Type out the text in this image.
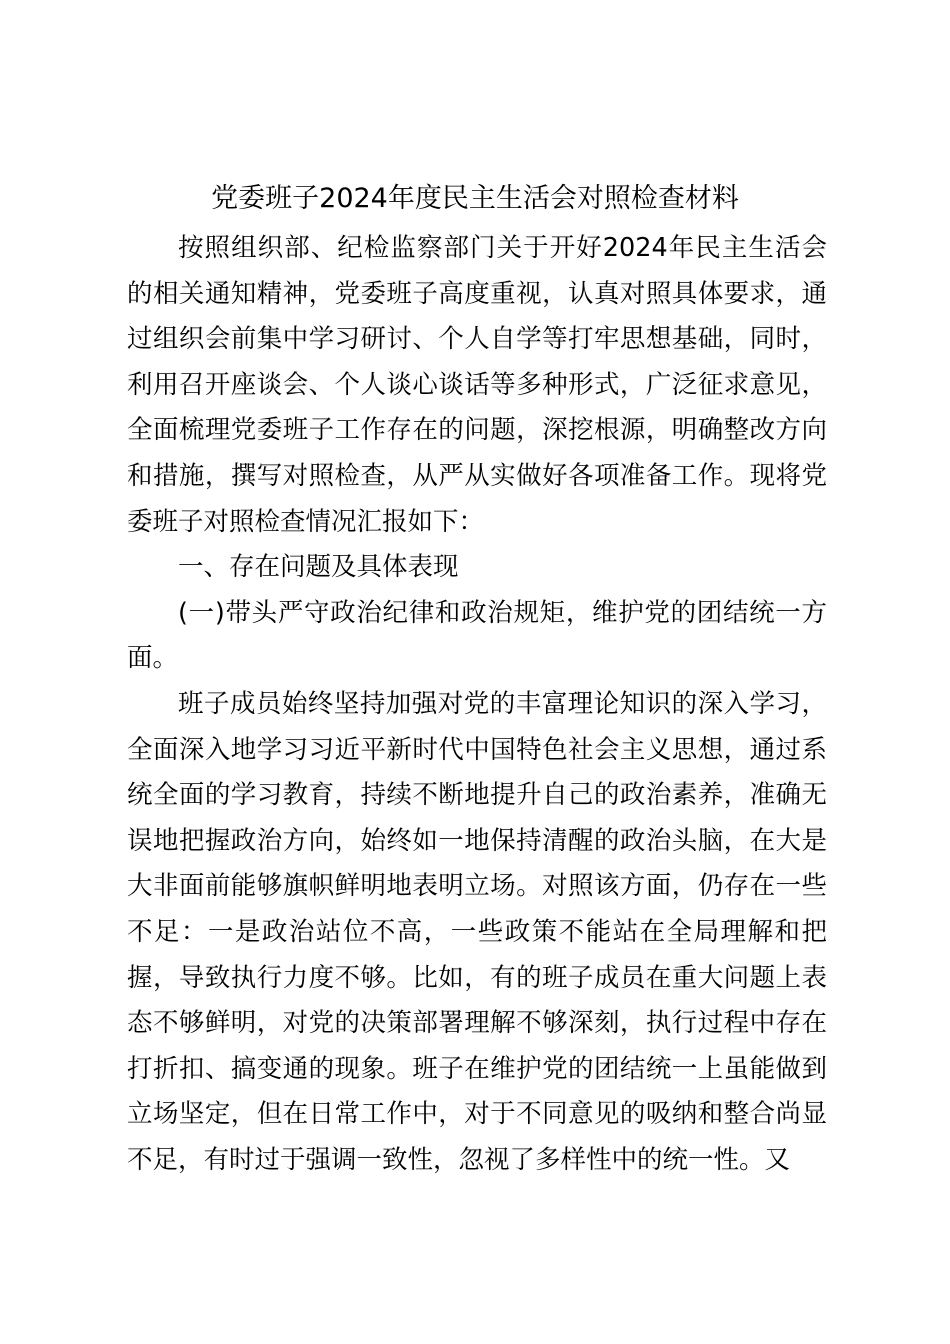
党委班子2024年度民主生活会对照检查材料

按照组织部、纪检监察部门关于开好2024年民主生活会的相关通知精神，党委班子高度重视，认真对照具体要求，通过组织会前集中学习研讨、个人自学等打牢思想基础，同时，利用召开座谈会、个人谈心谈话等多种形式，广泛征求意见，全面梳理党委班子工作存在的问题，深挖根源，明确整改方向和措施，撰写对照检查，从严从实做好各项准备工作。现将党委班子对照检查情况汇报如下：

一、存在问题及具体表现

(一)带头严守政治纪律和政治规矩，维护党的团结统一方面。

班子成员始终坚持加强对党的丰富理论知识的深入学习，全面深入地学习习近平新时代中国特色社会主义思想，通过系统全面的学习教育，持续不断地提升自己的政治素养，准确无误地把握政治方向，始终如一地保持清醒的政治头脑，在大是大非面前能够旗帜鲜明地表明立场。对照该方面，仍存在一些不足：一是政治站位不高，一些政策不能站在全局理解和把握，导致执行力度不够。比如，有的班子成员在重大问题上表态不够鲜明，对党的决策部署理解不够深刻，执行过程中存在打折扣、搞变通的现象。班子在维护党的团结统一上虽能做到立场坚定，但在日常工作中，对于不同意见的吸纳和整合尚显不足，有时过于强调一致性，忽视了多样性中的统一性。又
